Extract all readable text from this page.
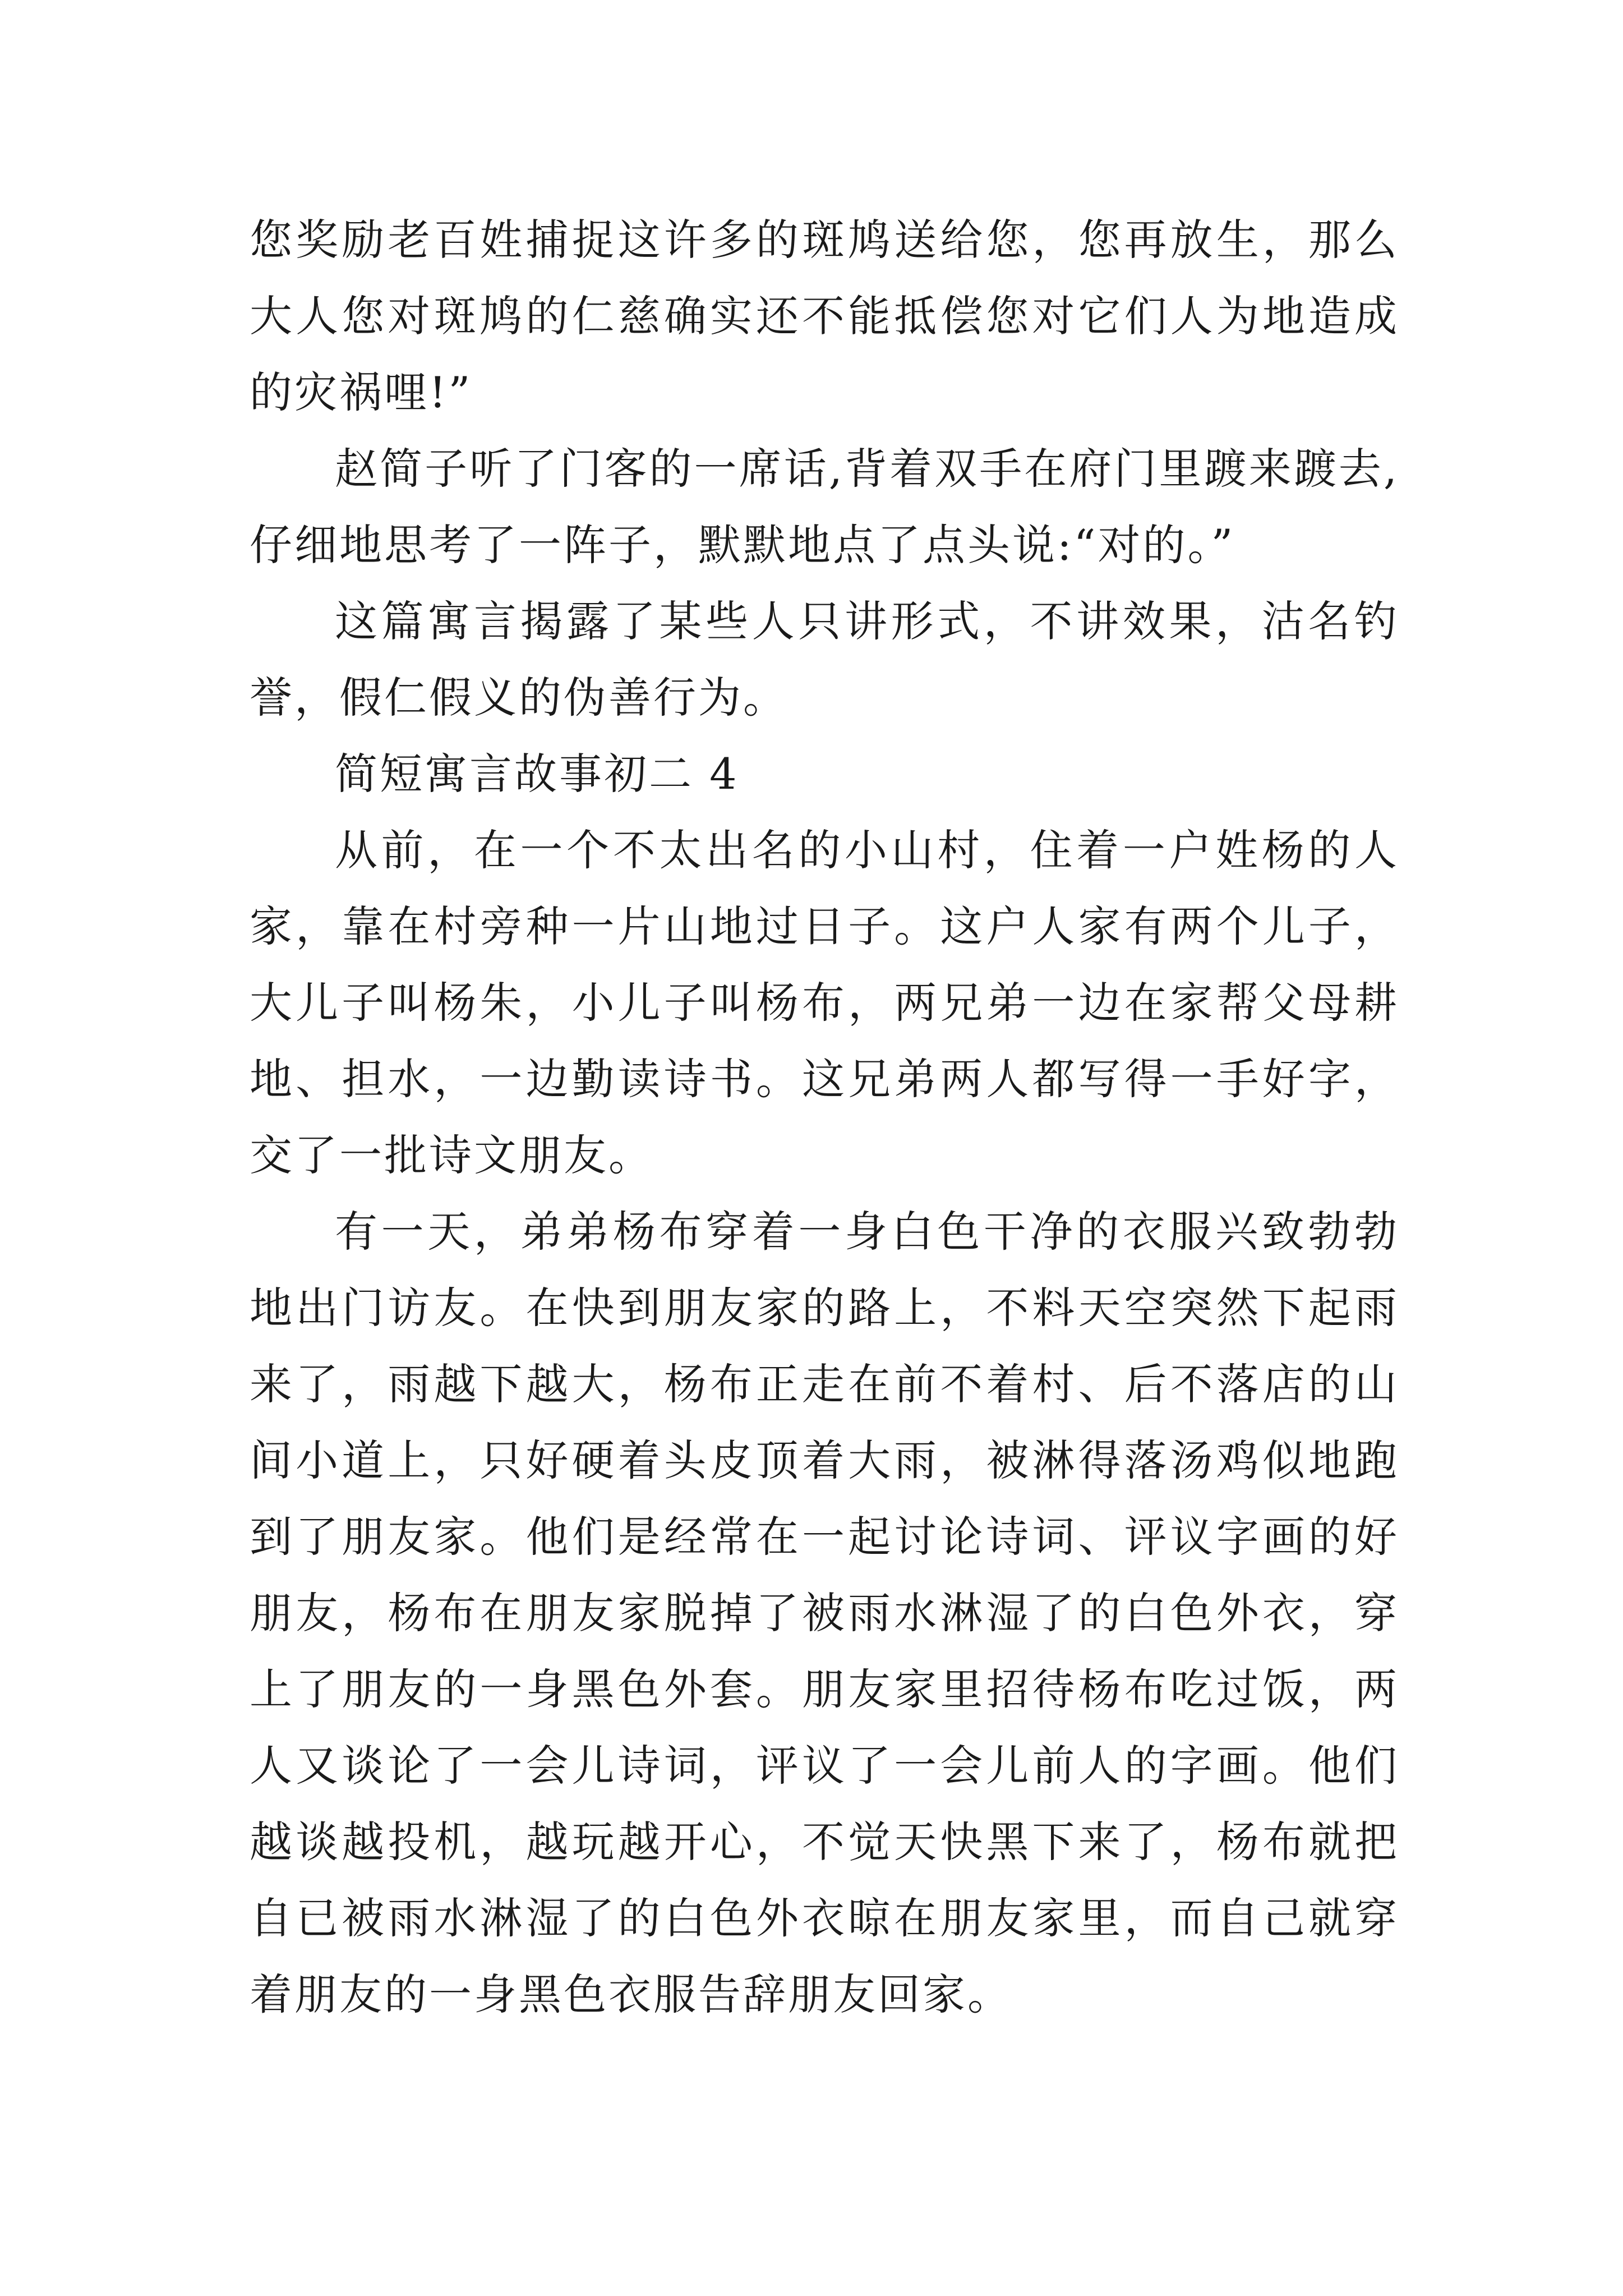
您奖励老百姓捕捉这许多的斑鸠送给您，您再放生，那么大人您对斑鸠的仁慈确实还不能抵偿您对它们人为地造成的灾祸哩!”

赵简子听了门客的一席话,背着双手在府门里踱来踱去,仔细地思考了一阵子，默默地点了点头说:“对的。”

这篇寓言揭露了某些人只讲形式，不讲效果，沽名钓誉，假仁假义的伪善行为。

简短寓言故事初二 4

从前，在一个不太出名的小山村，住着一户姓杨的人家，靠在村旁种一片山地过日子。这户人家有两个儿子，大儿子叫杨朱，小儿子叫杨布，两兄弟一边在家帮父母耕地、担水，一边勤读诗书。这兄弟两人都写得一手好字，交了一批诗文朋友。

有一天，弟弟杨布穿着一身白色干净的衣服兴致勃勃地出门访友。在快到朋友家的路上，不料天空突然下起雨来了，雨越下越大，杨布正走在前不着村、后不落店的山间小道上，只好硬着头皮顶着大雨，被淋得落汤鸡似地跑到了朋友家。他们是经常在一起讨论诗词、评议字画的好朋友，杨布在朋友家脱掉了被雨水淋湿了的白色外衣，穿上了朋友的一身黑色外套。朋友家里招待杨布吃过饭，两人又谈论了一会儿诗词，评议了一会儿前人的字画。他们越谈越投机，越玩越开心，不觉天快黑下来了，杨布就把自已被雨水淋湿了的白色外衣晾在朋友家里，而自己就穿着朋友的一身黑色衣服告辞朋友回家。
